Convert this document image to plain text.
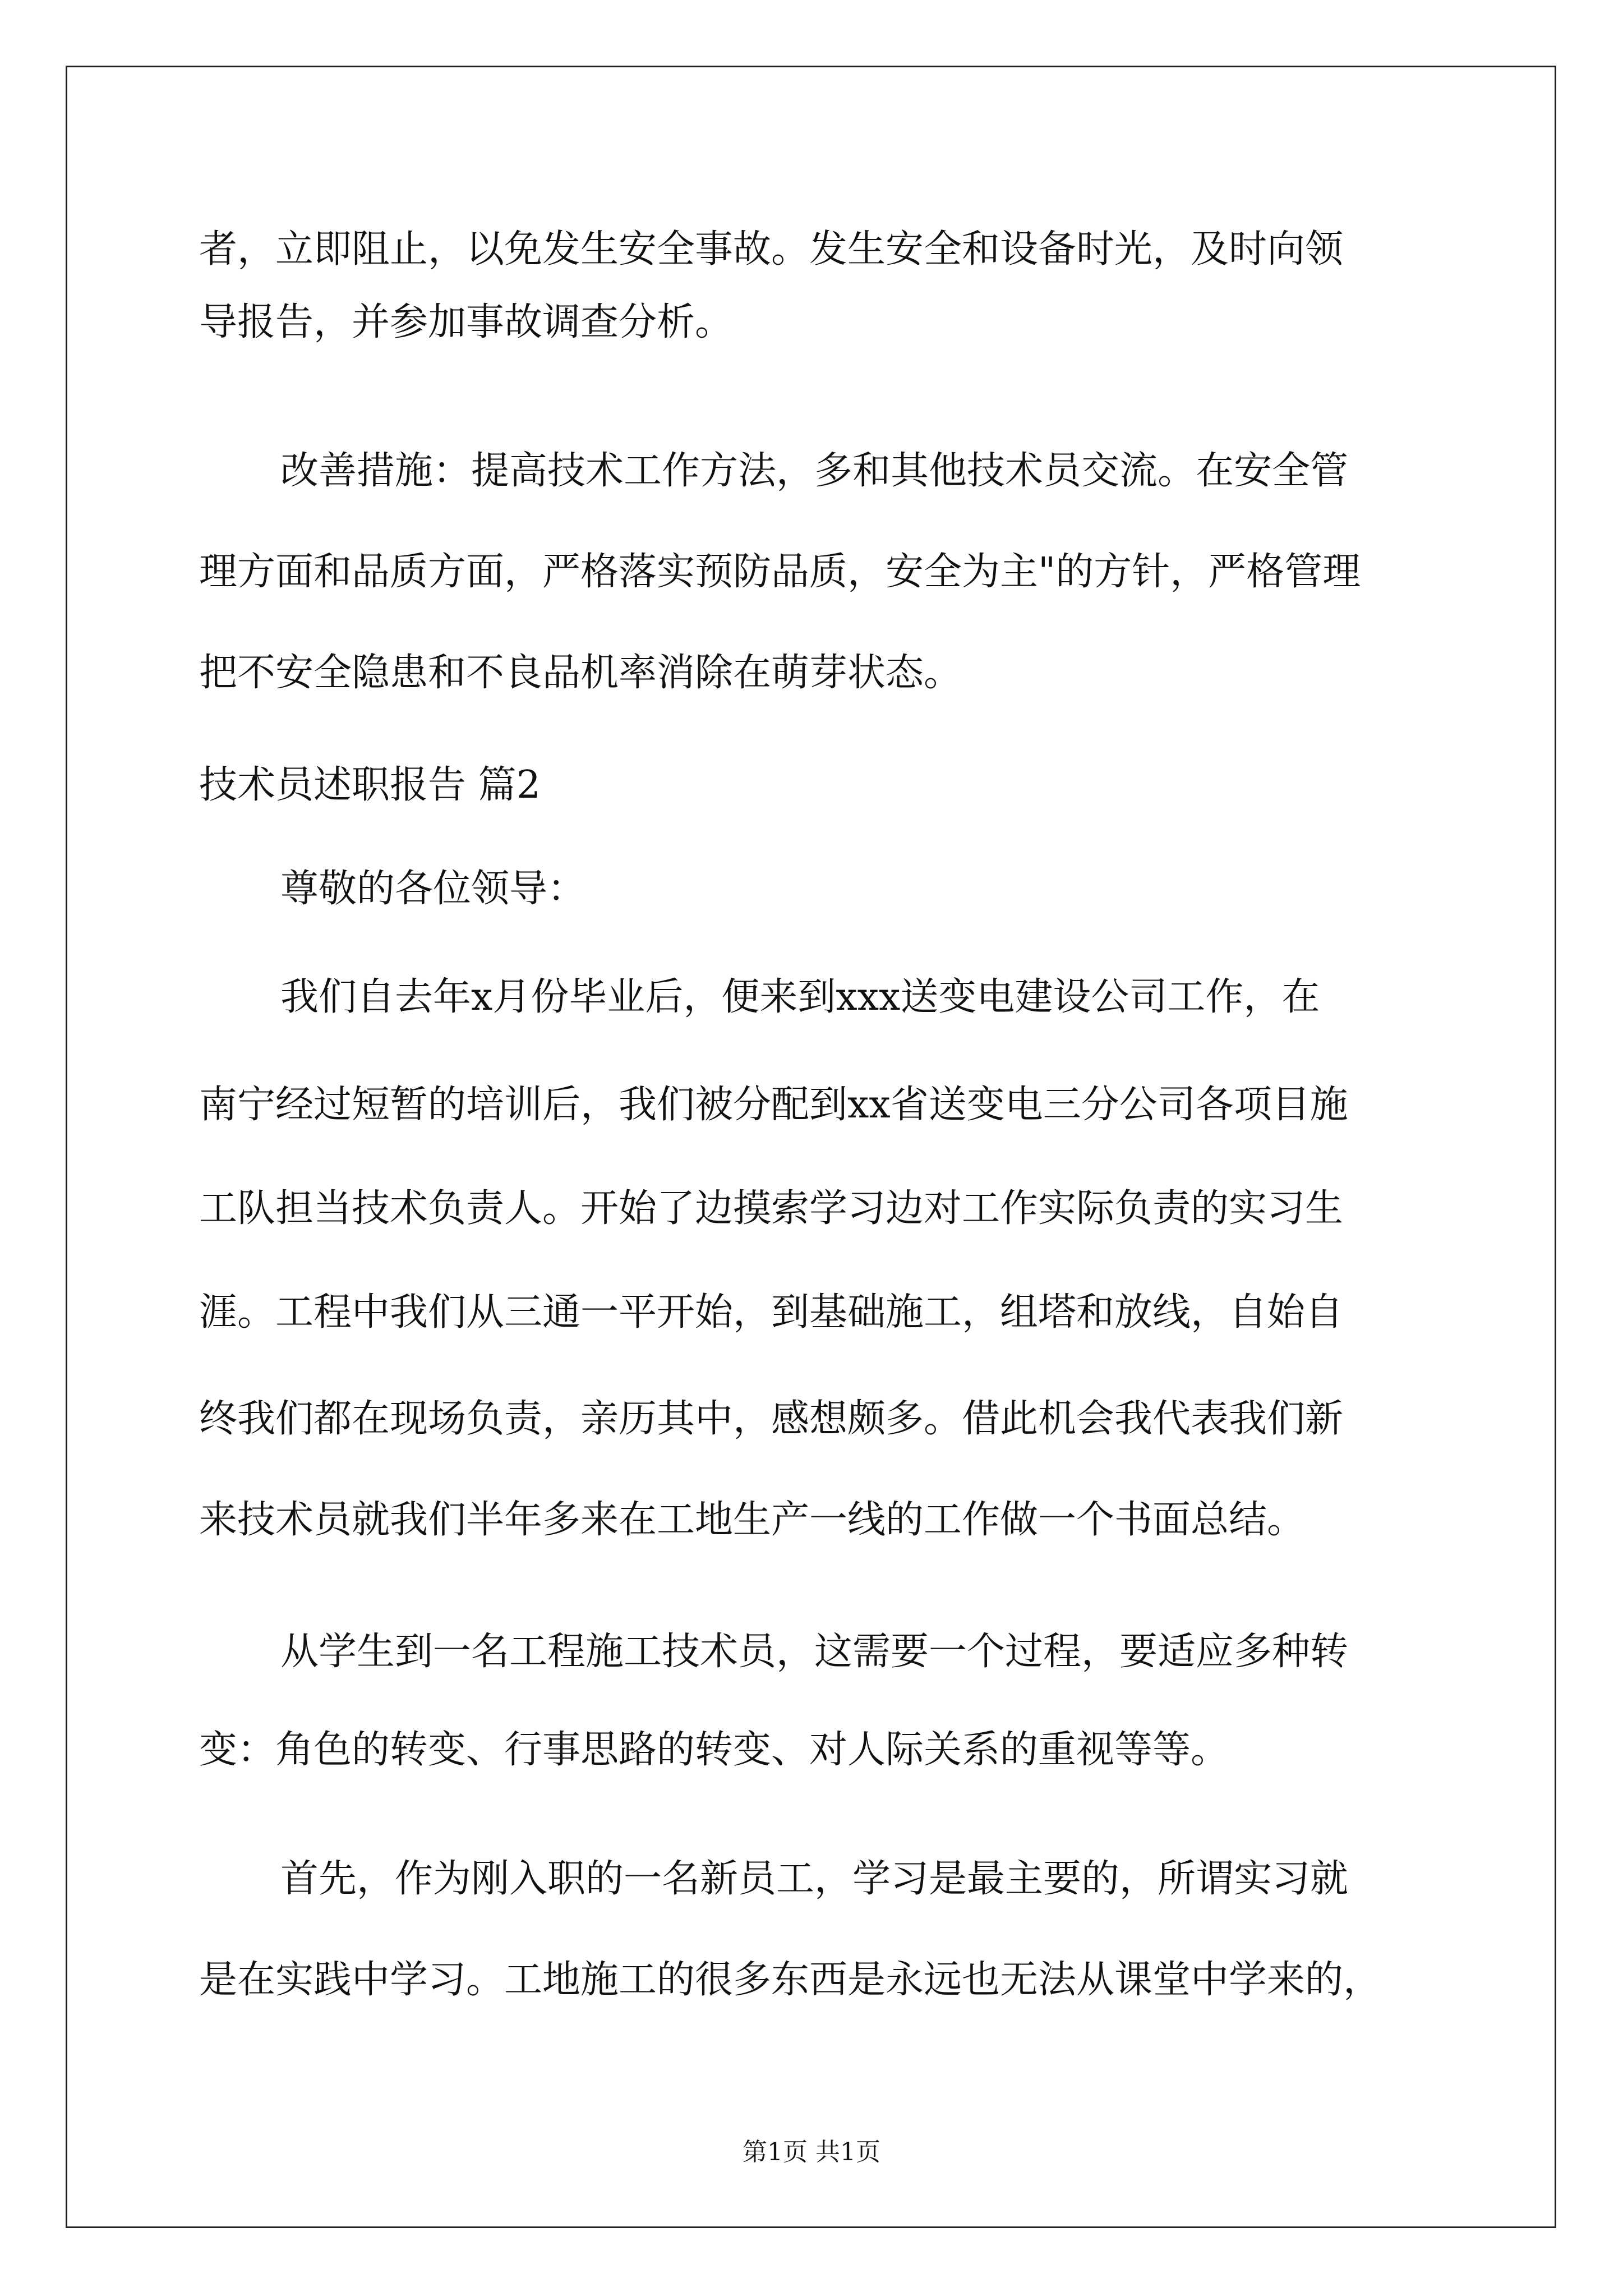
者，立即阻止，以免发生安全事故。发生安全和设备时光，及时向领
导报告，并参加事故调查分析。
改善措施：提高技术工作方法，多和其他技术员交流。在安全管
理方面和品质方面，严格落实预防品质，安全为主"的方针，严格管理
把不安全隐患和不良品机率消除在萌芽状态。
技术员述职报告 篇2
尊敬的各位领导：
我们自去年x月份毕业后，便来到xxx送变电建设公司工作，在
南宁经过短暂的培训后，我们被分配到xx省送变电三分公司各项目施
工队担当技术负责人。开始了边摸索学习边对工作实际负责的实习生
涯。工程中我们从三通一平开始，到基础施工，组塔和放线，自始自
终我们都在现场负责，亲历其中，感想颇多。借此机会我代表我们新
来技术员就我们半年多来在工地生产一线的工作做一个书面总结。
从学生到一名工程施工技术员，这需要一个过程，要适应多种转
变：角色的转变、行事思路的转变、对人际关系的重视等等。
首先，作为刚入职的一名新员工，学习是最主要的，所谓实习就
是在实践中学习。工地施工的很多东西是永远也无法从课堂中学来的，
第1页 共1页
